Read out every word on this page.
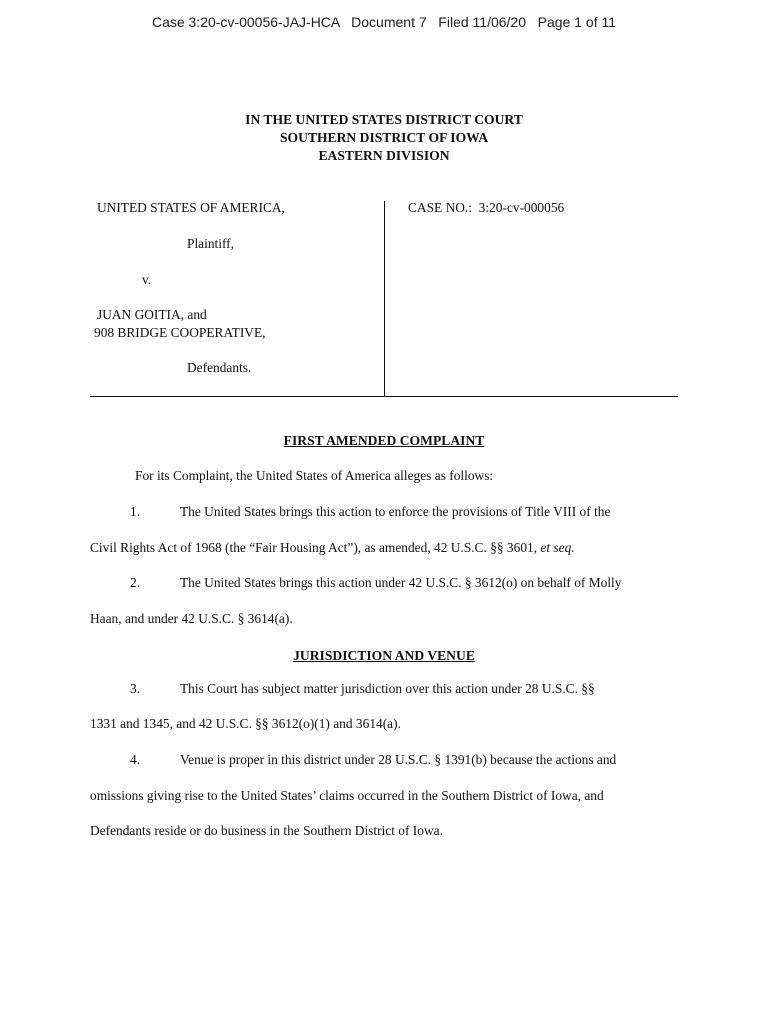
Case 3:20-cv-00056-JAJ-HCA   Document 7   Filed 11/06/20   Page 1 of 11
IN THE UNITED STATES DISTRICT COURT
SOUTHERN DISTRICT OF IOWA
EASTERN DIVISION
UNITED STATES OF AMERICA,
Plaintiff,
v.
JUAN GOITIA, and
908 BRIDGE COOPERATIVE,
Defendants.
CASE NO.:  3:20-cv-000056
FIRST AMENDED COMPLAINT
For its Complaint, the United States of America alleges as follows:
1.	The United States brings this action to enforce the provisions of Title VIII of the
Civil Rights Act of 1968 (the “Fair Housing Act”), as amended, 42 U.S.C. §§ 3601, et seq.
2.	The United States brings this action under 42 U.S.C. § 3612(o) on behalf of Molly
Haan, and under 42 U.S.C. § 3614(a).
JURISDICTION AND VENUE
3.	This Court has subject matter jurisdiction over this action under 28 U.S.C. §§
1331 and 1345, and 42 U.S.C. §§ 3612(o)(1) and 3614(a).
4.	Venue is proper in this district under 28 U.S.C. § 1391(b) because the actions and
omissions giving rise to the United States’ claims occurred in the Southern District of Iowa, and
Defendants reside or do business in the Southern District of Iowa.
